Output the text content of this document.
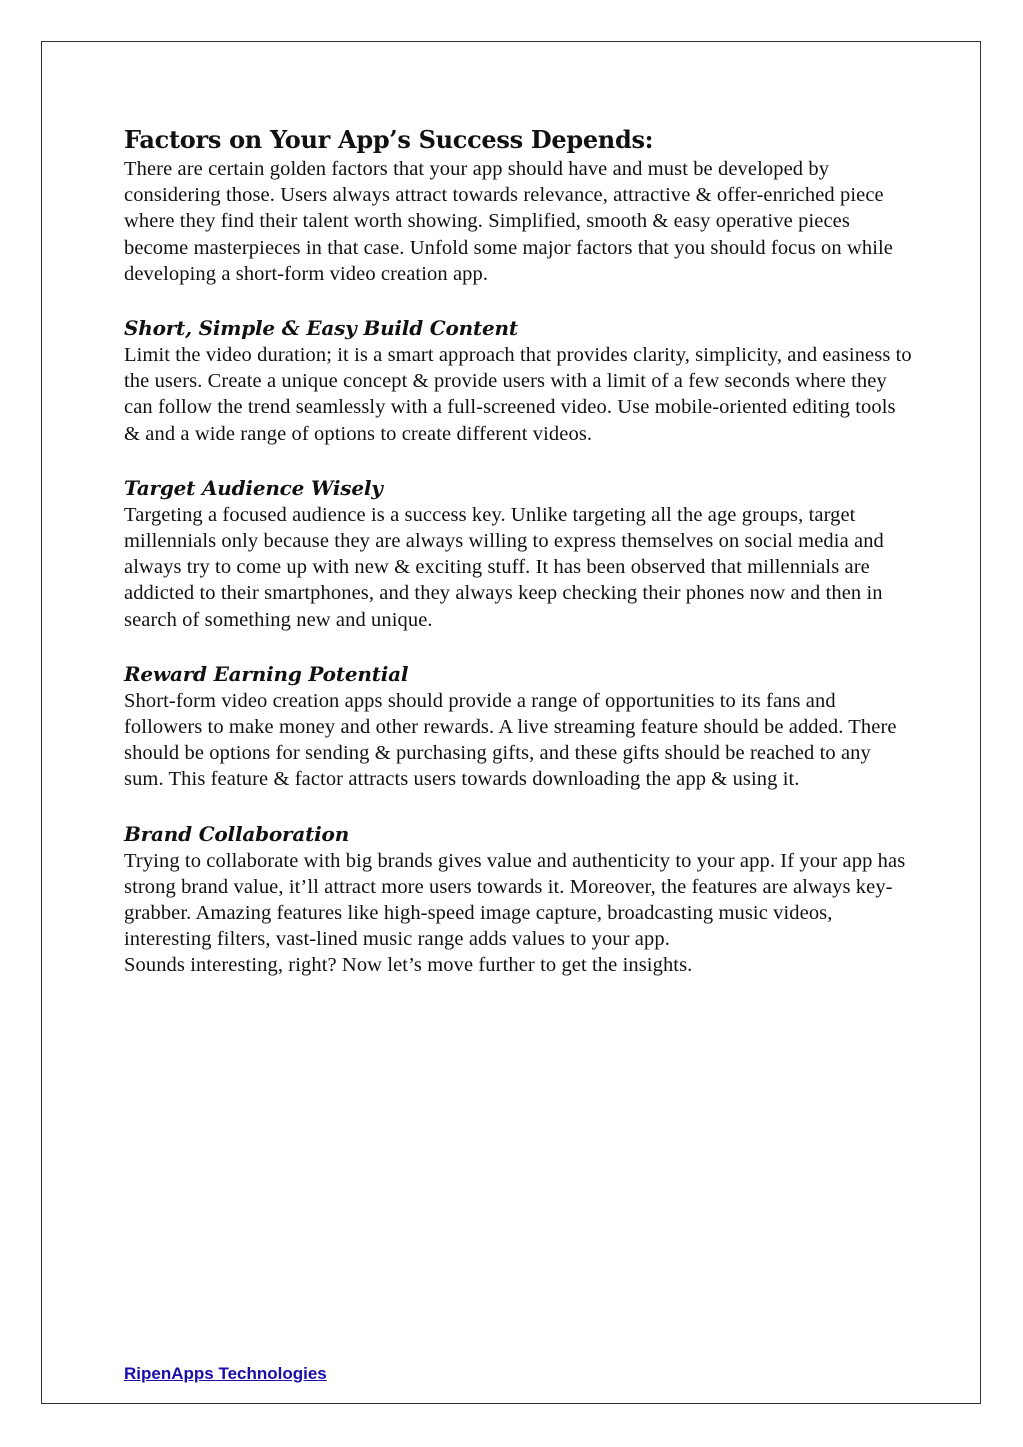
Factors on Your App’s Success Depends:

There are certain golden factors that your app should have and must be developed by considering those. Users always attract towards relevance, attractive & offer-enriched piece where they find their talent worth showing. Simplified, smooth & easy operative pieces become masterpieces in that case. Unfold some major factors that you should focus on while developing a short-form video creation app.

Short, Simple & Easy Build Content

Limit the video duration; it is a smart approach that provides clarity, simplicity, and easiness to the users. Create a unique concept & provide users with a limit of a few seconds where they can follow the trend seamlessly with a full-screened video. Use mobile-oriented editing tools & and a wide range of options to create different videos.

Target Audience Wisely

Targeting a focused audience is a success key. Unlike targeting all the age groups, target millennials only because they are always willing to express themselves on social media and always try to come up with new & exciting stuff. It has been observed that millennials are addicted to their smartphones, and they always keep checking their phones now and then in search of something new and unique.

Reward Earning Potential

Short-form video creation apps should provide a range of opportunities to its fans and followers to make money and other rewards. A live streaming feature should be added. There should be options for sending & purchasing gifts, and these gifts should be reached to any sum. This feature & factor attracts users towards downloading the app & using it.

Brand Collaboration

Trying to collaborate with big brands gives value and authenticity to your app. If your app has strong brand value, it’ll attract more users towards it. Moreover, the features are always key-grabber. Amazing features like high-speed image capture, broadcasting music videos, interesting filters, vast-lined music range adds values to your app.

Sounds interesting, right? Now let’s move further to get the insights.

RipenApps Technologies
